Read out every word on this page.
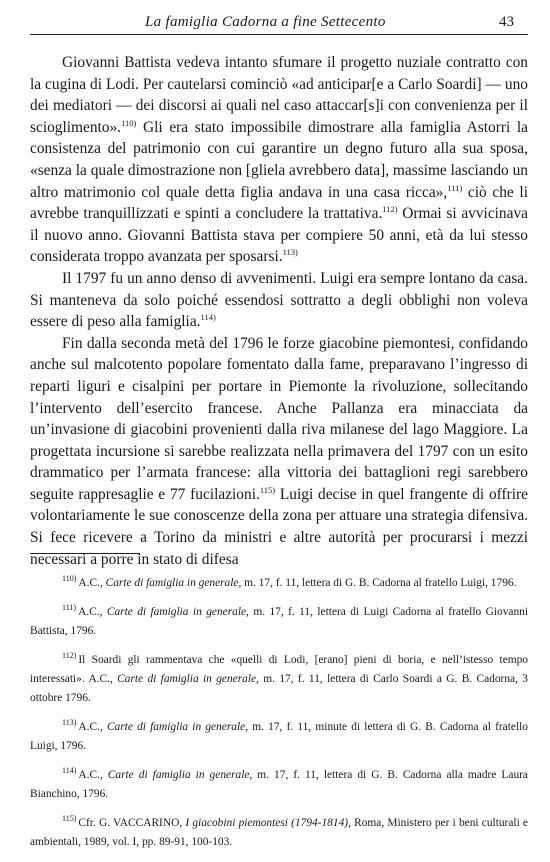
La famiglia Cadorna a fine Settecento	43

Giovanni Battista vedeva intanto sfumare il progetto nuziale contratto con la cugina di Lodi. Per cautelarsi cominciò «ad anticipar[e a Carlo Soardi] — uno dei mediatori — dei discorsi ai quali nel caso attaccar[s]i con convenienza per il scioglimento».$^{110)}$ Gli era stato impossibile dimostrare alla famiglia Astorri la consistenza del patrimonio con cui garantire un degno futuro alla sua sposa, «senza la quale dimostrazione non [gliela avrebbero data], massime lasciando un altro matrimonio col quale detta figlia andava in una casa ricca»,$^{111)}$ ciò che li avrebbe tranquillizzati e spinti a concludere la trattativa.$^{112)}$ Ormai si avvicinava il nuovo anno. Giovanni Battista stava per compiere 50 anni, età da lui stesso considerata troppo avanzata per sposarsi.$^{113)}$

Il 1797 fu un anno denso di avvenimenti. Luigi era sempre lontano da casa. Si manteneva da solo poiché essendosi sottratto a degli obblighi non voleva essere di peso alla famiglia.$^{114)}$

Fin dalla seconda metà del 1796 le forze giacobine piemontesi, confidando anche sul malcotento popolare fomentato dalla fame, preparavano l’ingresso di reparti liguri e cisalpini per portare in Piemonte la rivoluzione, sollecitando l’intervento dell’esercito francese. Anche Pallanza era minacciata da un’invasione di giacobini provenienti dalla riva milanese del lago Maggiore. La progettata incursione si sarebbe realizzata nella primavera del 1797 con un esito drammatico per l’armata francese: alla vittoria dei battaglioni regi sarebbero seguite rappresaglie e 77 fucilazioni.$^{115)}$ Luigi decise in quel frangente di offrire volontariamente le sue conoscenze della zona per attuare una strategia difensiva. Si fece ricevere a Torino da ministri e altre autorità per procurarsi i mezzi necessari a porre in stato di difesa

$^{110)}$ A.C., Carte di famiglia in generale, m. 17, f. 11, lettera di G. B. Cadorna al fratello Luigi, 1796.

$^{111)}$ A.C., Carte di famiglia in generale, m. 17, f. 11, lettera di Luigi Cadorna al fratello Giovanni Battista, 1796.

$^{112)}$ Il Soardi gli rammentava che «quelli di Lodi, [erano] pieni di boria, e nell’istesso tempo interessati». A.C., Carte di famiglia in generale, m. 17, f. 11, lettera di Carlo Soardi a G. B. Cadorna, 3 ottobre 1796.

$^{113)}$ A.C., Carte di famiglia in generale, m. 17, f. 11, minute di lettera di G. B. Cadorna al fratello Luigi, 1796.

$^{114)}$ A.C., Carte di famiglia in generale, m. 17, f. 11, lettera di G. B. Cadorna alla madre Laura Bianchino, 1796.

$^{115)}$ Cfr. G. VACCARINO, I giacobini piemontesi (1794-1814), Roma, Ministero per i beni culturali e ambientali, 1989, vol. I, pp. 89-91, 100-103.
